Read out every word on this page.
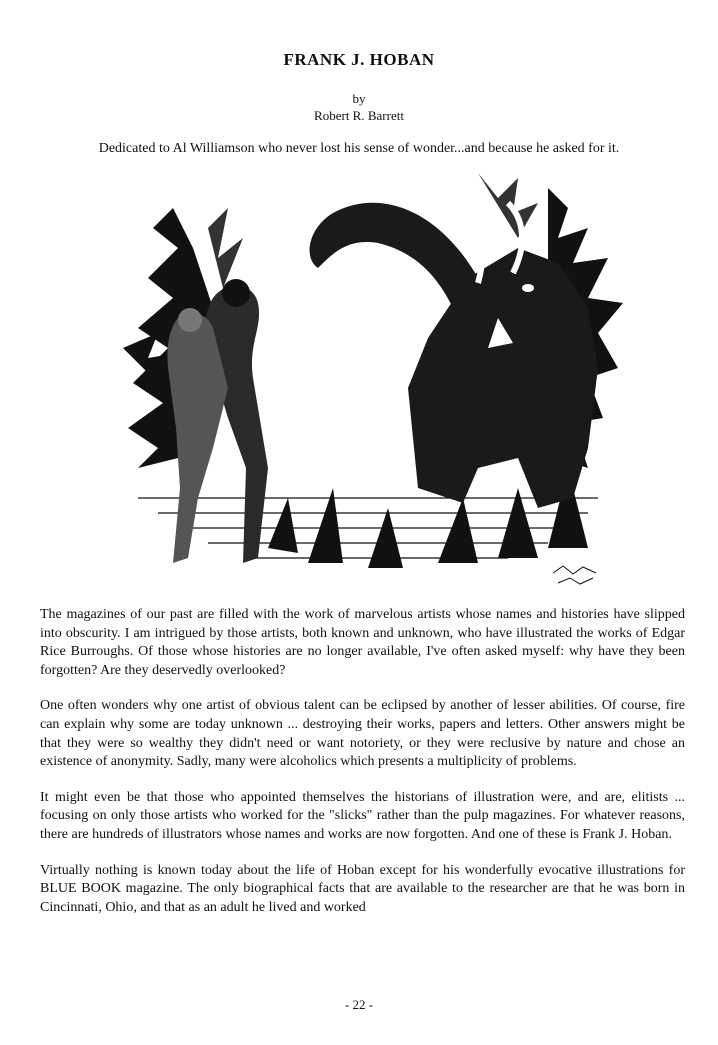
FRANK J. HOBAN
by
Robert R. Barrett
Dedicated to Al Williamson who never lost his sense of wonder...and because he asked for it.

The magazines of our past are filled with the work of marvelous artists whose names and histories have slipped into obscurity. I am intrigued by those artists, both known and unknown, who have illustrated the works of Edgar Rice Burroughs. Of those whose histories are no longer available, I've often asked myself: why have they been forgotten? Are they deservedly overlooked?

One often wonders why one artist of obvious talent can be eclipsed by another of lesser abilities. Of course, fire can explain why some are today unknown ... destroying their works, papers and letters. Other answers might be that they were so wealthy they didn't need or want notoriety, or they were reclusive by nature and chose an existence of anonymity. Sadly, many were alcoholics which presents a multiplicity of problems.

It might even be that those who appointed themselves the historians of illustration were, and are, elitists ... focusing on only those artists who worked for the "slicks" rather than the pulp magazines. For whatever reasons, there are hundreds of illustrators whose names and works are now forgotten. And one of these is Frank J. Hoban.

Virtually nothing is known today about the life of Hoban except for his wonderfully evocative illustrations for BLUE BOOK magazine. The only biographical facts that are available to the researcher are that he was born in Cincinnati, Ohio, and that as an adult he lived and worked

- 22 -
